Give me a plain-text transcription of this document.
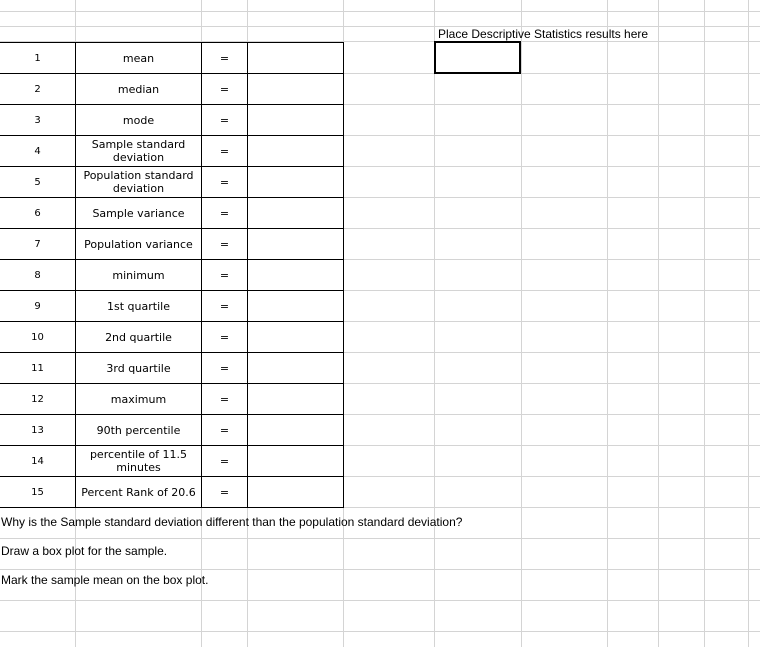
Place Descriptive Statistics results here
1	mean	=
2	median	=
3	mode	=
4	Sample standard deviation	=
5	Population standard deviation	=
6	Sample variance	=
7	Population variance	=
8	minimum	=
9	1st quartile	=
10	2nd quartile	=
11	3rd quartile	=
12	maximum	=
13	90th percentile	=
14	percentile of 11.5 minutes	=
15	Percent Rank of 20.6	=
Why is the Sample standard deviation different than the population standard deviation?
Draw a box plot for the sample.
Mark the sample mean on the box plot.
